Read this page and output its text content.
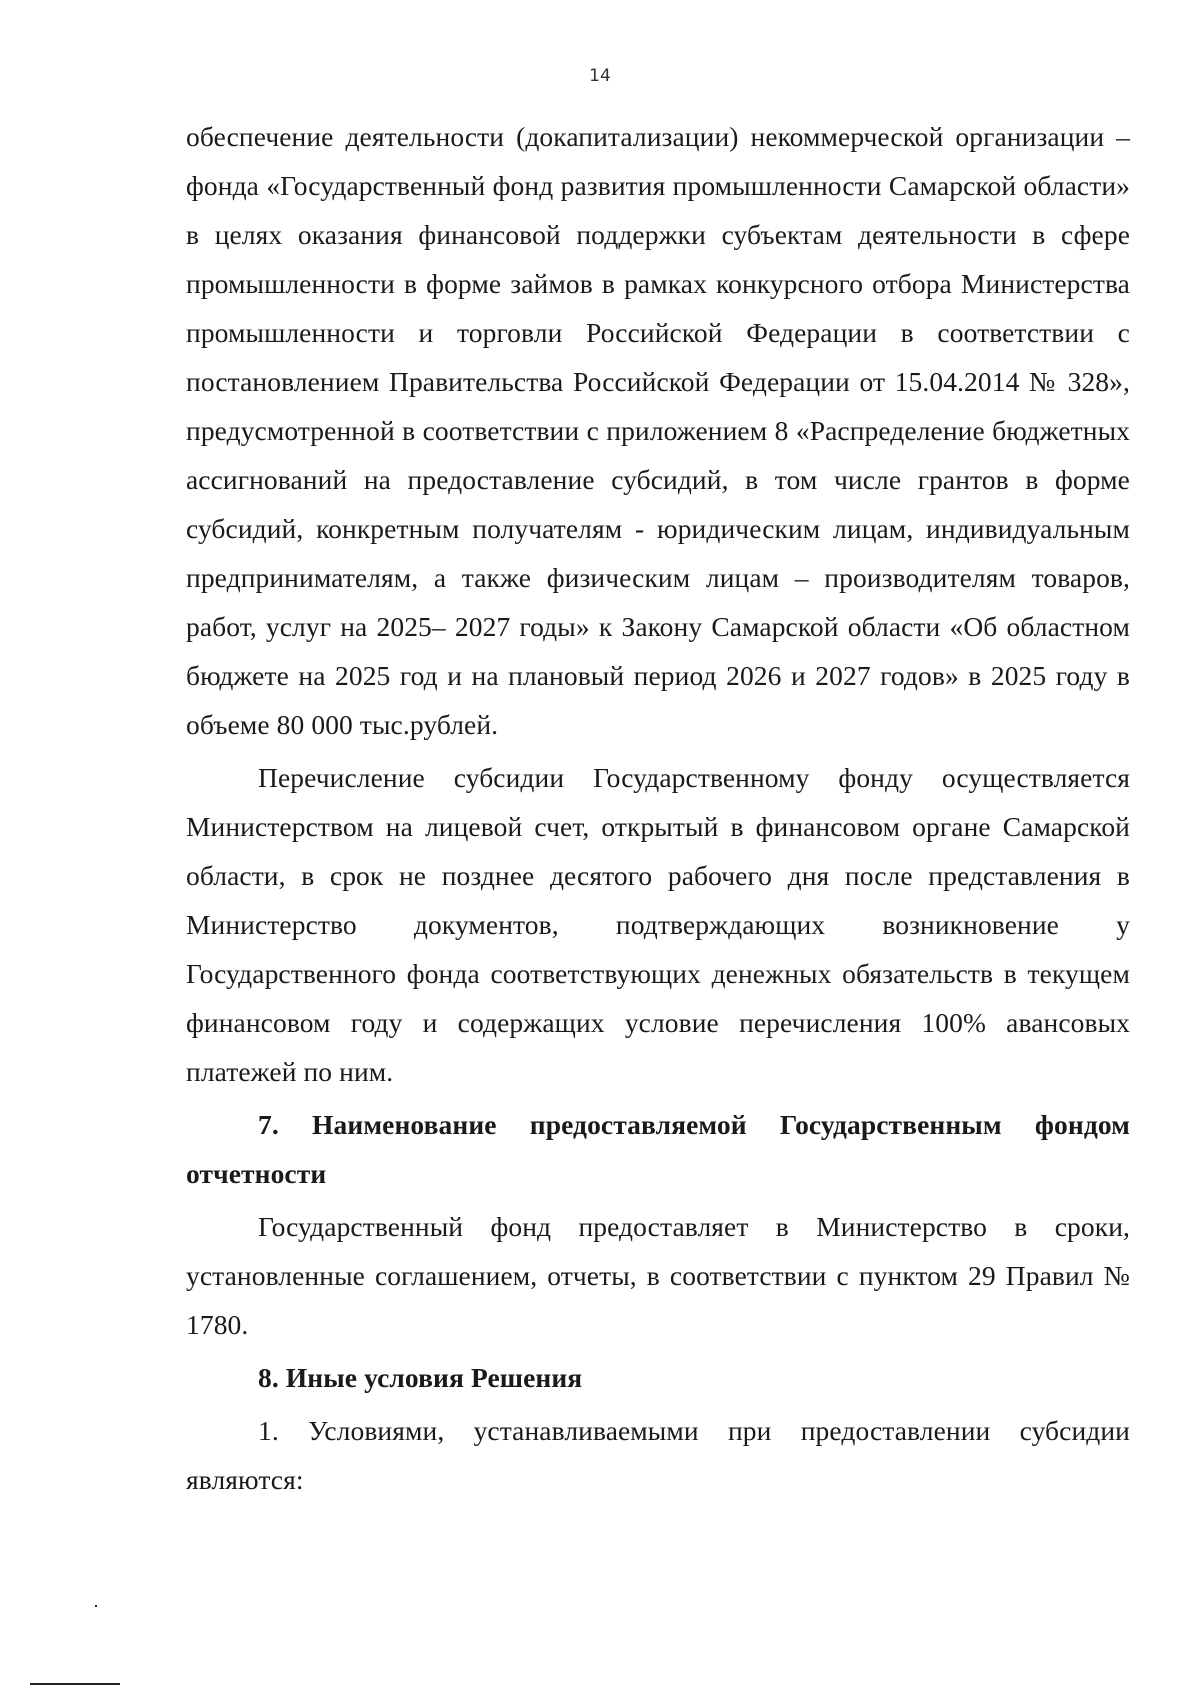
14

обеспечение деятельности (докапитализации) некоммерческой организации – фонда «Государственный фонд развития промышленности Самарской области» в целях оказания финансовой поддержки субъектам деятельности в сфере промышленности в форме займов в рамках конкурсного отбора Министерства промышленности и торговли Российской Федерации в соответствии с постановлением Правительства Российской Федерации от 15.04.2014 № 328», предусмотренной в соответствии с приложением 8 «Распределение бюджетных ассигнований на предоставление субсидий, в том числе грантов в форме субсидий, конкретным получателям - юридическим лицам, индивидуальным предпринимателям, а также физическим лицам – производителям товаров, работ, услуг на 2025– 2027 годы» к Закону Самарской области «Об областном бюджете на 2025 год и на плановый период 2026 и 2027 годов» в 2025 году в объеме 80 000 тыс.рублей.

Перечисление субсидии Государственному фонду осуществляется Министерством на лицевой счет, открытый в финансовом органе Самарской области, в срок не позднее десятого рабочего дня после представления в Министерство документов, подтверждающих возникновение у Государственного фонда соответствующих денежных обязательств в текущем финансовом году и содержащих условие перечисления 100% авансовых платежей по ним.

7. Наименование предоставляемой Государственным фондом отчетности

Государственный фонд предоставляет в Министерство в сроки, установленные соглашением, отчеты, в соответствии с пунктом 29 Правил № 1780.

8. Иные условия Решения

1. Условиями, устанавливаемыми при предоставлении субсидии являются:
